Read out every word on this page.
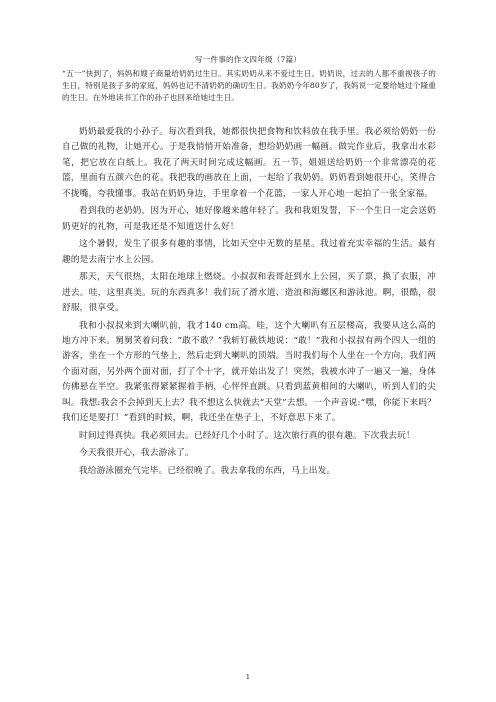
写一件事的作文四年级（7篇）

“五一”快到了，妈妈和嫂子商量给奶奶过生日。其实奶奶从来不爱过生日。奶奶说，过去的人都不重视孩子的生日，特别是孩子多的家庭，妈妈也记不清奶奶的确切生日。我奶奶今年80岁了，我妈说一定要给她过个隆重的生日。在外地读书工作的孙子也回来给她过生日。

奶奶最爱我的小孙子。每次看到我，她都很快把食物和饮料放在我手里。我必须给奶奶一份自己做的礼物，让她开心。于是我悄悄开始准备，想给奶奶画一幅画。做完作业后，我拿出水彩笔，把它放在白纸上。我花了两天时间完成这幅画。五一节，姐姐送给奶奶一个非常漂亮的花篮，里面有五颜六色的花。我把我的画放在上面，一起给了我奶奶。奶奶看到她很开心，笑得合不拢嘴，夸我懂事。我站在奶奶身边，手里拿着一个花篮，一家人开心地一起拍了一张全家福。

看到我的老奶奶，因为开心，她好像越来越年轻了。我和我姐发誓，下一个生日一定会送奶奶更好的礼物，可是我还是不知道送什么好！

这个暑假，发生了很多有趣的事情，比如天空中无数的星星。我过着充实幸福的生活。最有趣的是去南宁水上公园。

那天，天气很热，太阳在地球上燃烧。小叔叔和表哥赶到水上公园，买了票，换了衣服，冲进去。哇，这里真美。玩的东西真多！我们玩了滑水道、造浪和海螺区和游泳池。啊，很酷，很舒服，很享受。

我和小叔叔来到大喇叭前，我才140 cm高。哇，这个大喇叭有五层楼高，我要从这么高的地方冲下来。舅舅笑着问我：“敢不敢？”我斩钉截铁地说：“敢！”我和小叔叔有两个四人一组的游客，坐在一个方形的气垫上，然后走到大喇叭的顶端。当时我们每个人坐在一个方向，我们两个面对面，另外两个面对面，打了个十字，就开始出发了！突然，我被水冲了一遍又一遍，身体仿佛悬在半空。我紧张得紧紧握着手柄，心怦怦直跳。只看到蓝黄相间的大喇叭，听到人们的尖叫。我想:我会不会掉到天上去？我不想这么快就去“天堂”去想。一个声音说:“嘿，你能下来吗？我们还是要打！”看到的时候，啊，我还坐在垫子上，不好意思下来了。

时间过得真快。我必须回去。已经好几个小时了。这次旅行真的很有趣。下次我去玩！

今天我很开心，我去游泳了。

我给游泳圈充气完毕。已经很晚了。我去拿我的东西，马上出发。

1
